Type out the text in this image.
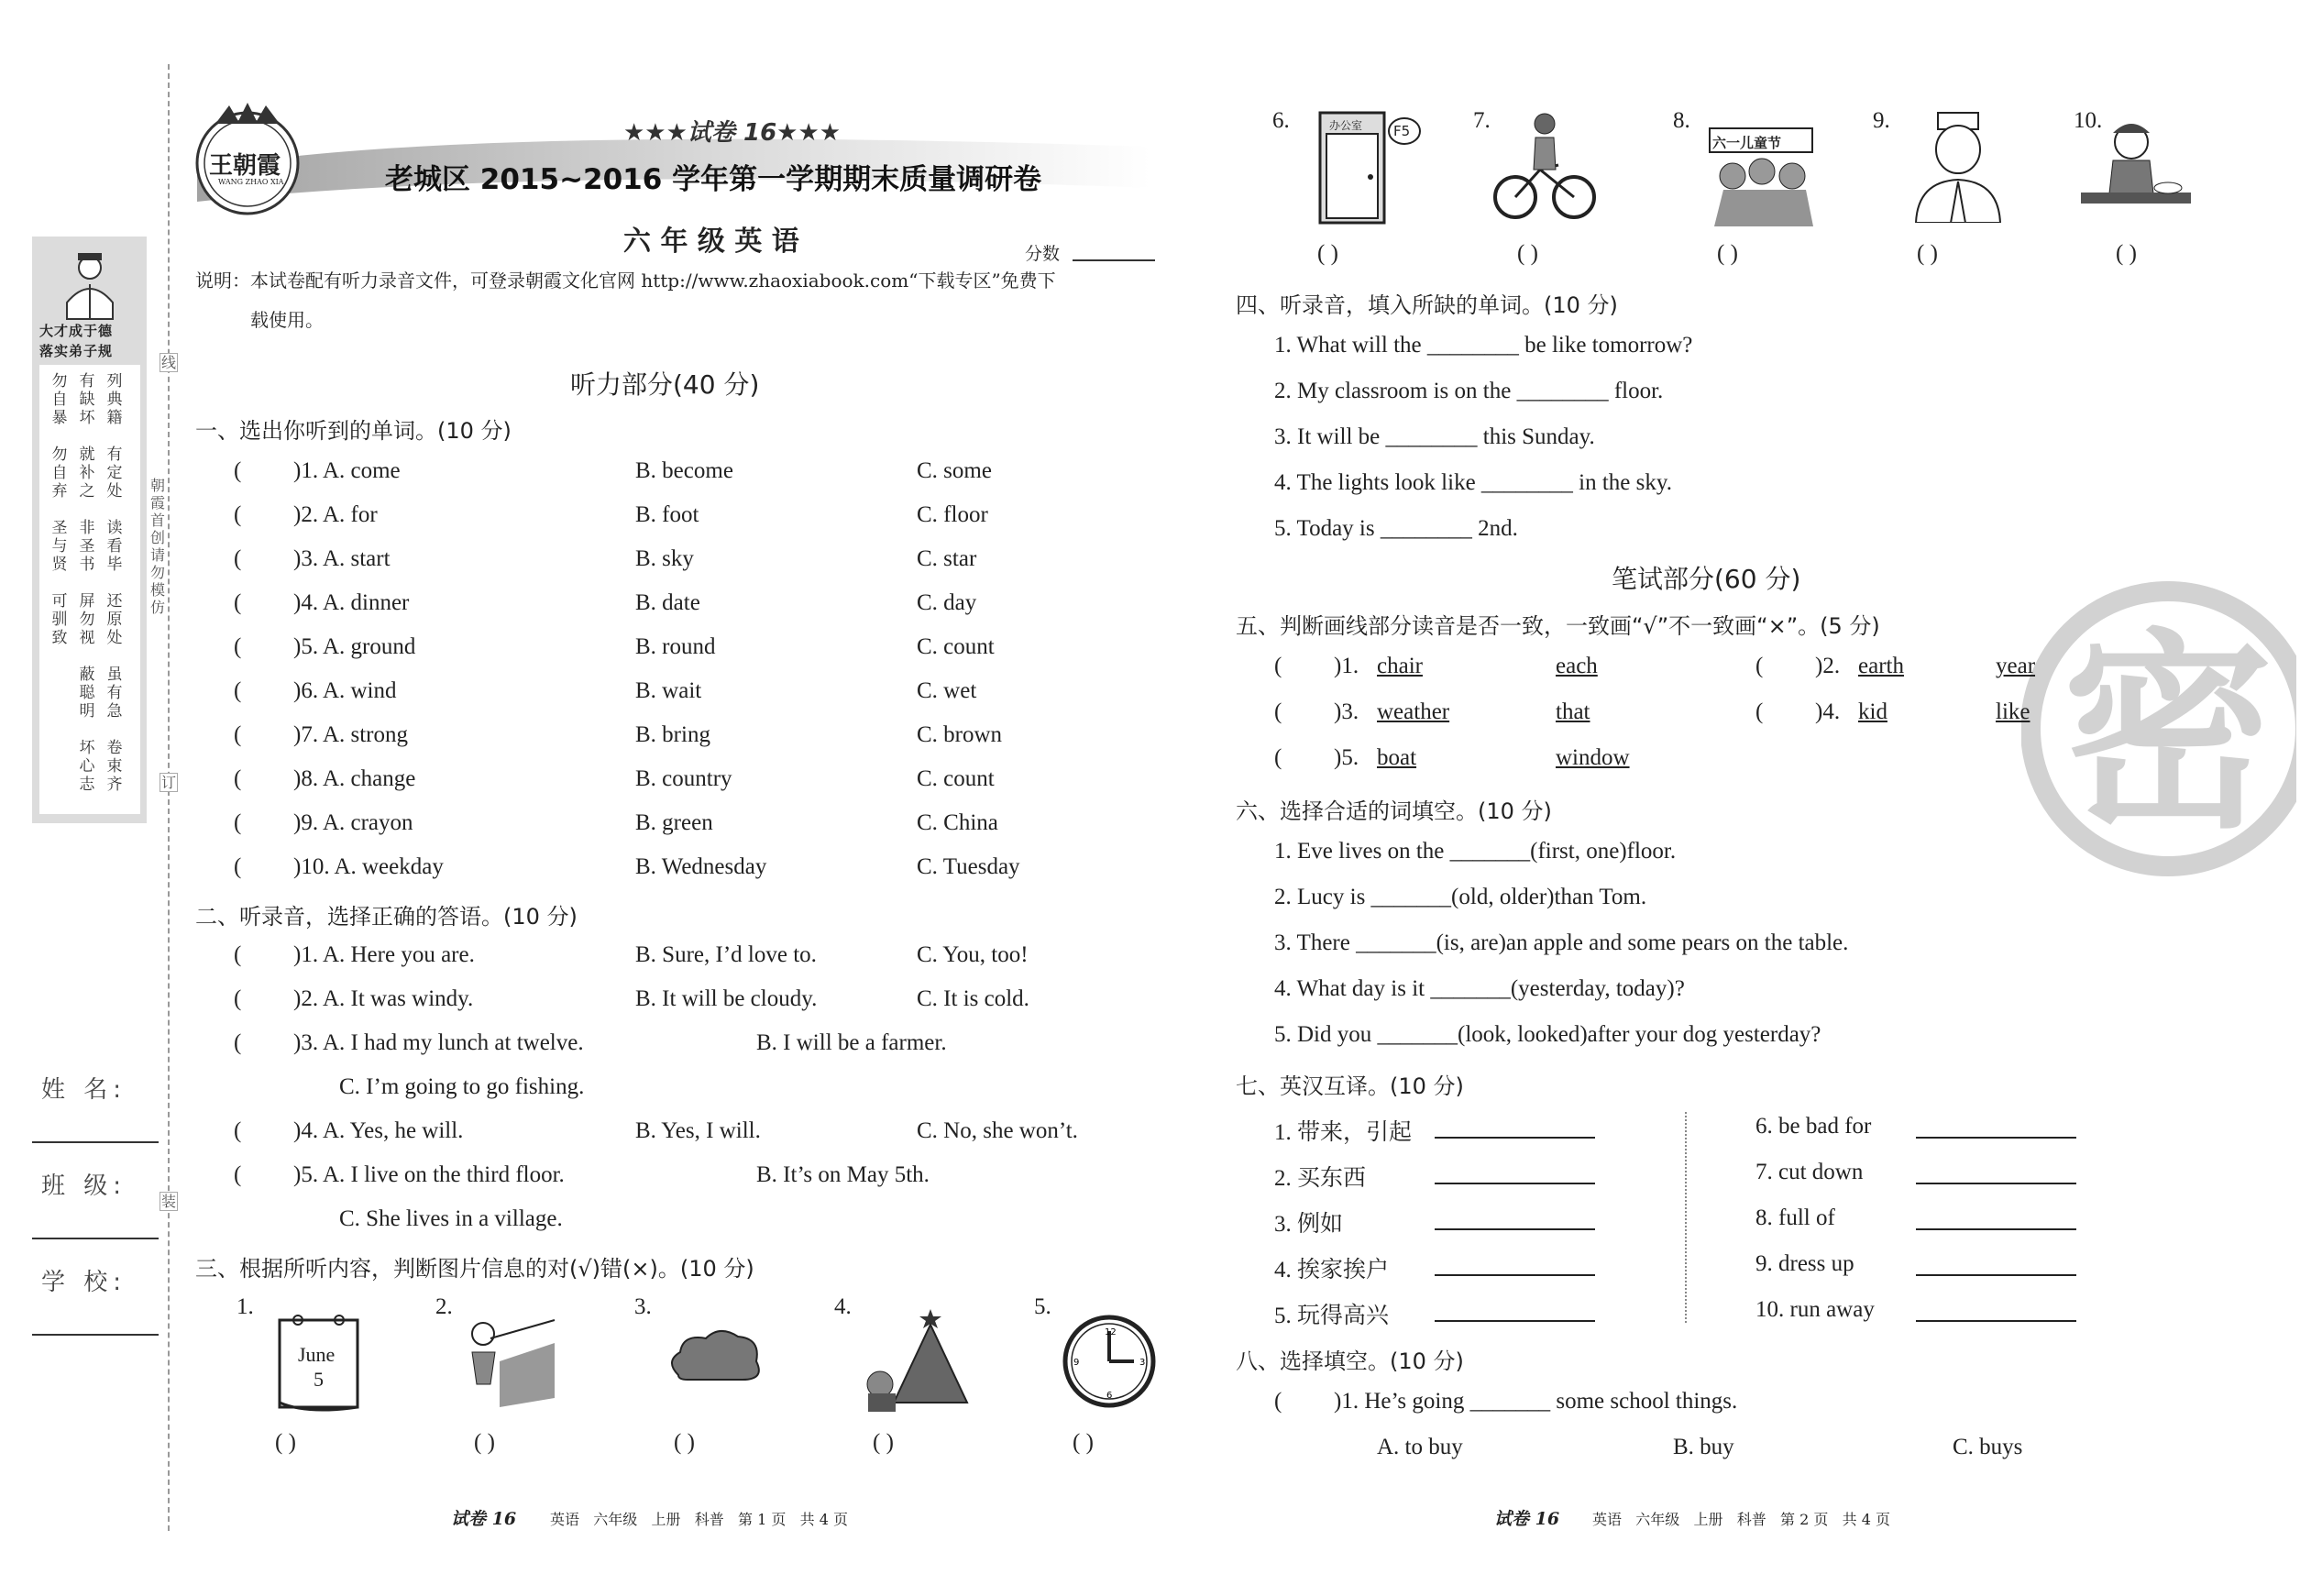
线
订
装
朝霞首创 请勿模仿
大才成于德
落实弟子规
勿自暴
有缺坏
列典籍
勿自弃
就补之
有定处
圣与贤
非圣书
读看毕
可驯致
屏勿视
还原处
蔽聪明
虽有急
坏心志
卷束齐
姓 名:
班 级:
学 校:
王朝霞
WANG ZHAO XIA
★★★试卷 16★★★
老城区 2015~2016 学年第一学期期末质量调研卷
六 年 级 英 语	分数
说明：本试卷配有听力录音文件，可登录朝霞文化官网 http://www.zhaoxiabook.com“下载专区”免费下
载使用。
听力部分(40 分)
一、选出你听到的单词。(10 分)
( )1. A. come	B. become	C. some
( )2. A. for	B. foot	C. floor
( )3. A. start	B. sky	C. star
( )4. A. dinner	B. date	C. day
( )5. A. ground	B. round	C. count
( )6. A. wind	B. wait	C. wet
( )7. A. strong	B. bring	C. brown
( )8. A. change	B. country	C. count
( )9. A. crayon	B. green	C. China
( )10. A. weekday	B. Wednesday	C. Tuesday
二、听录音，选择正确的答语。(10 分)
( )1. A. Here you are.	B. Sure, I’d love to.	C. You, too!
( )2. A. It was windy.	B. It will be cloudy.	C. It is cold.
( )3. A. I had my lunch at twelve.	B. I will be a farmer.
C. I’m going to go fishing.
( )4. A. Yes, he will.	B. Yes, I will.	C. No, she won’t.
( )5. A. I live on the third floor.	B. It’s on May 5th.
C. She lives in a village.
三、根据所听内容，判断图片信息的对(√)错(×)。(10 分)
1.
June
5
2.	3.	4.	5.
12
3
6
9
( )	( )	( )	( )	( )
试卷 16 英语   六年级   上册   科普   第 1 页   共 4 页
6.	办公室 F5	7.	8.
六一儿童节
9.	10.
( )	( )	( )	( )	( )
四、听录音，填入所缺的单词。(10 分)
1. What will the ________ be like tomorrow?
2. My classroom is on the ________ floor.
3. It will be ________ this Sunday.
4. The lights look like ________ in the sky.
5. Today is ________ 2nd.
密
笔试部分(60 分)
五、判断画线部分读音是否一致，一致画“√”不一致画“×”。(5 分)
( )1. chair	each	( )2. earth	year
( )3. weather	that	( )4. kid	like
( )5. boat	window
六、选择合适的词填空。(10 分)
1. Eve lives on the _______(first, one)floor.
2. Lucy is _______(old, older)than Tom.
3. There _______(is, are)an apple and some pears on the table.
4. What day is it _______(yesterday, today)?
5. Did you _______(look, looked)after your dog yesterday?
七、英汉互译。(10 分)
1. 带来，引起
2. 买东西
3. 例如
4. 挨家挨户
5. 玩得高兴
6. be bad for
7. cut down
8. full of
9. dress up
10. run away
八、选择填空。(10 分)
( )1. He’s going _______ some school things.
A. to buy	B. buy	C. buys
试卷 16 英语   六年级   上册   科普   第 2 页   共 4 页
